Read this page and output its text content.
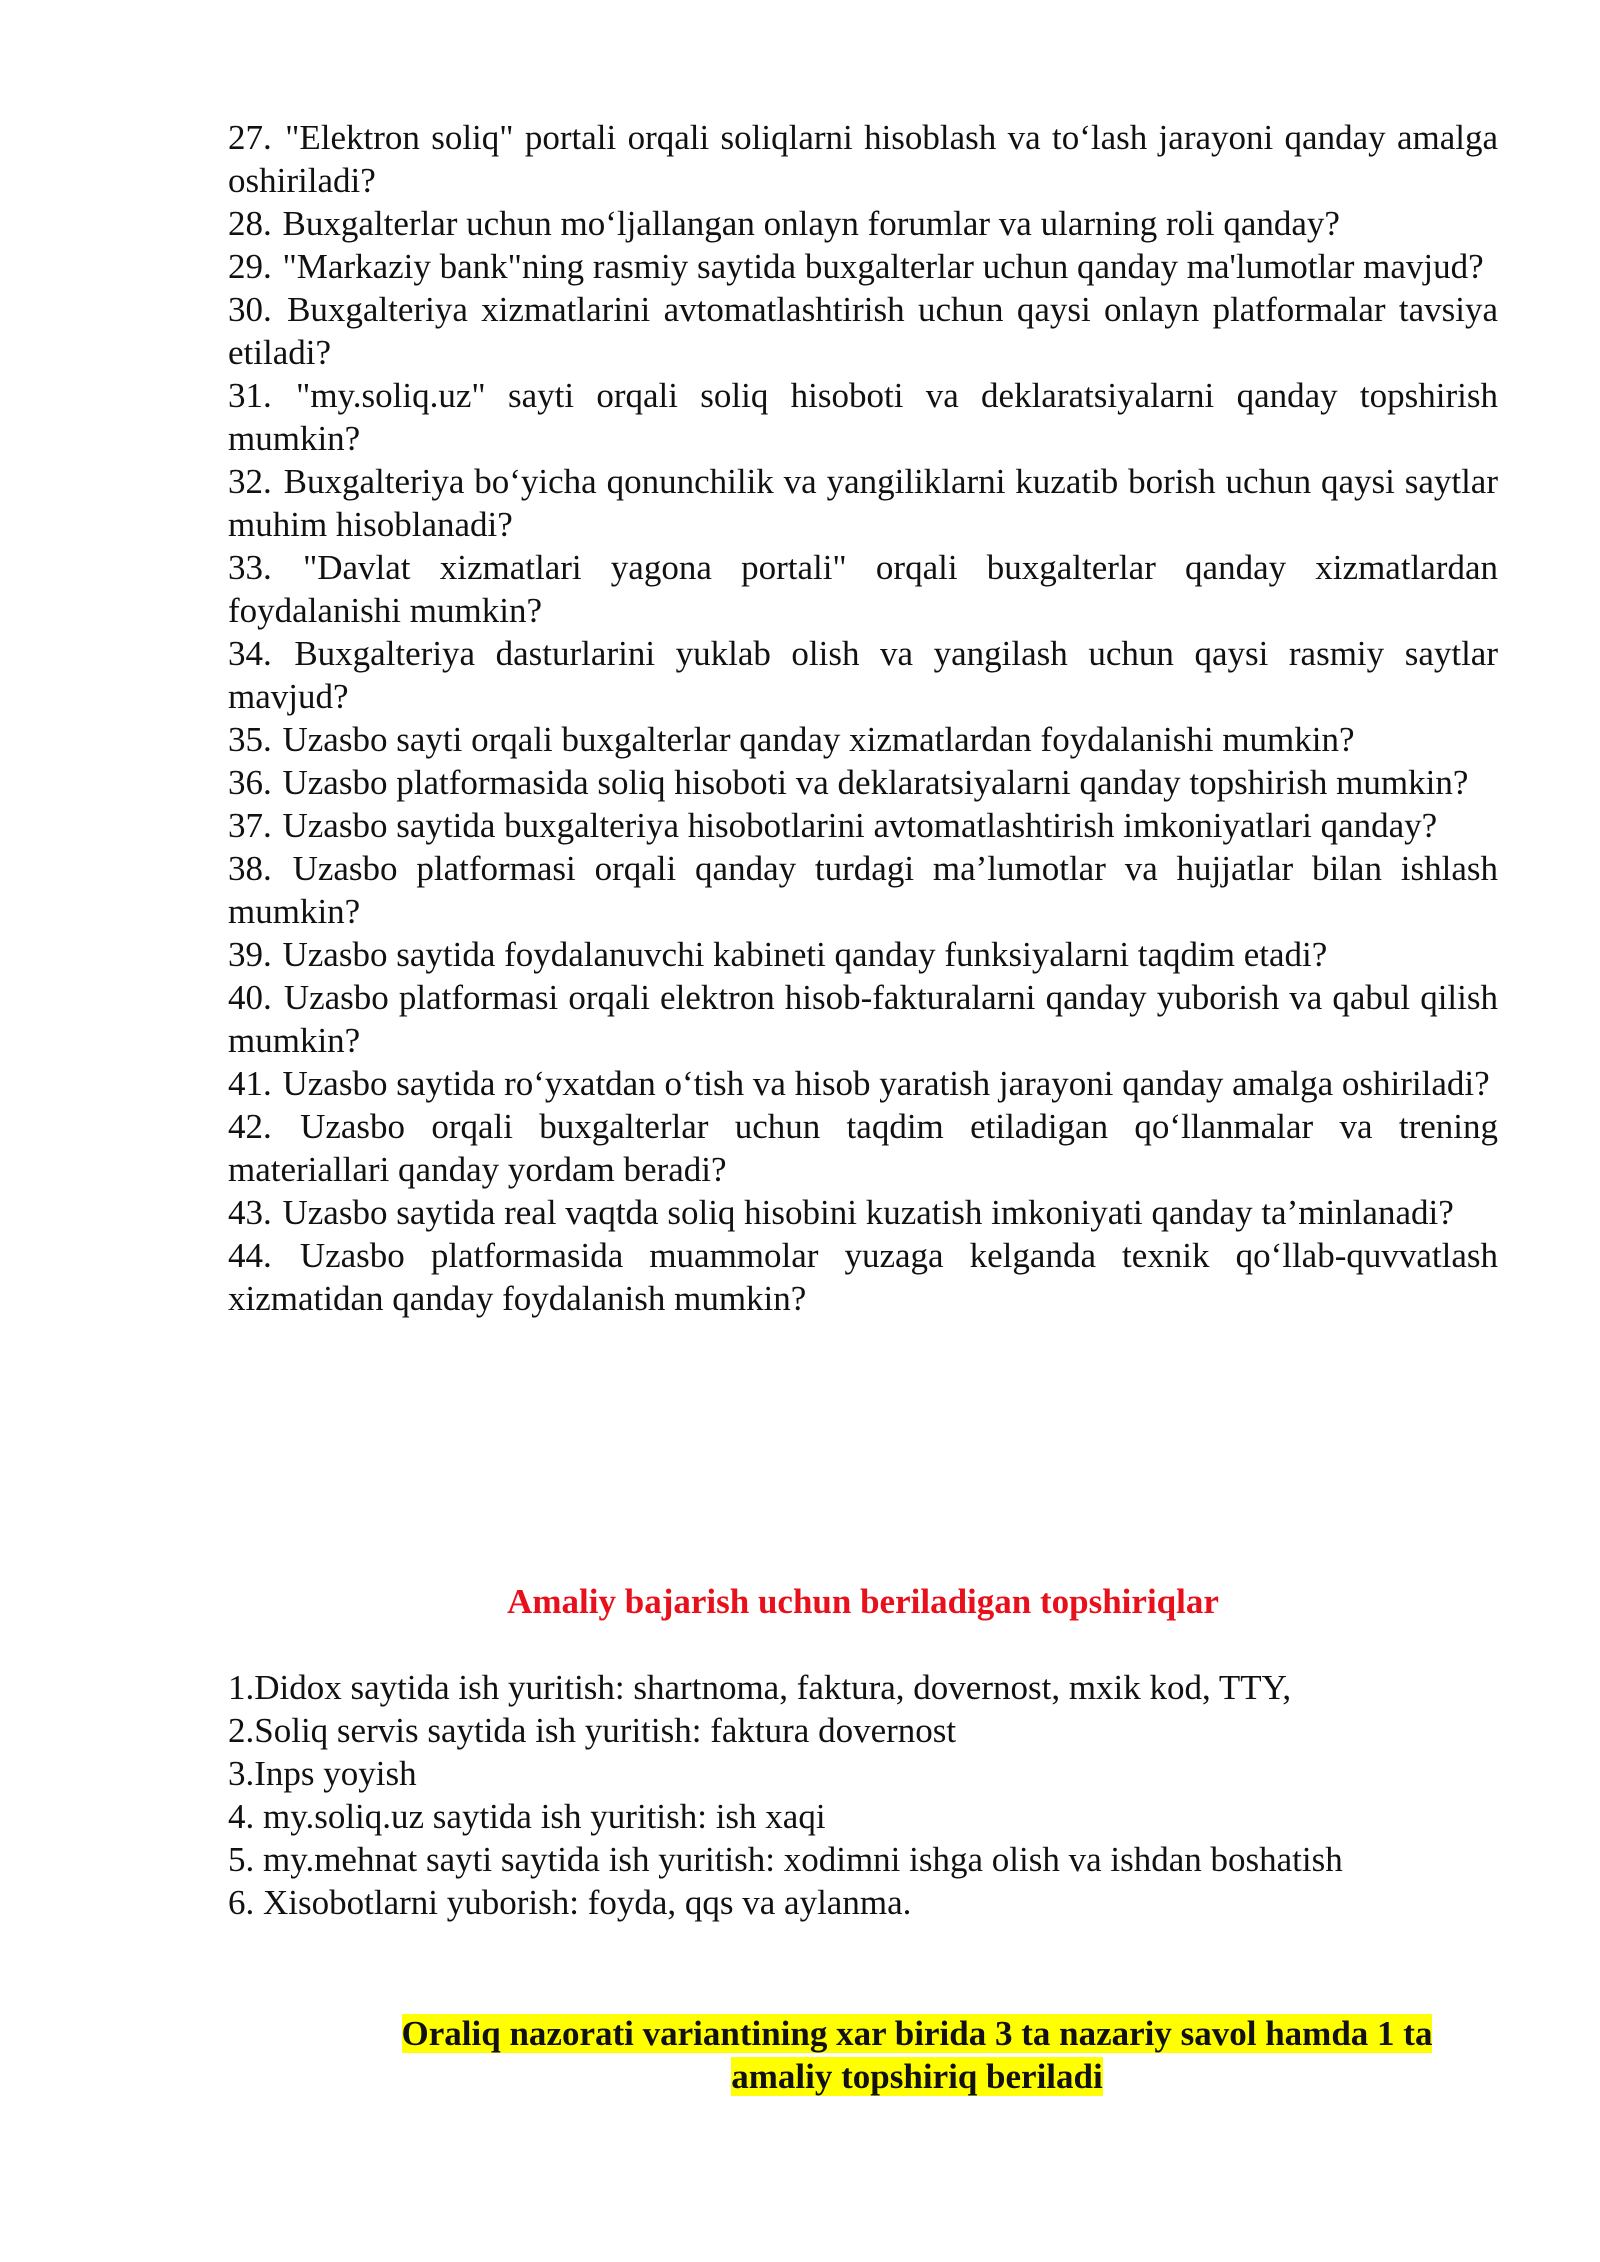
27. "Elektron soliq" portali orqali soliqlarni hisoblash va to‘lash jarayoni qanday amalga oshiriladi?

28. Buxgalterlar uchun mo‘ljallangan onlayn forumlar va ularning roli qanday?

29. "Markaziy bank"ning rasmiy saytida buxgalterlar uchun qanday ma'lumotlar mavjud?

30. Buxgalteriya xizmatlarini avtomatlashtirish uchun qaysi onlayn platformalar tavsiya etiladi?

31. "my.soliq.uz" sayti orqali soliq hisoboti va deklaratsiyalarni qanday topshirish mumkin?

32. Buxgalteriya bo‘yicha qonunchilik va yangiliklarni kuzatib borish uchun qaysi saytlar muhim hisoblanadi?

33. "Davlat xizmatlari yagona portali" orqali buxgalterlar qanday xizmatlardan foydalanishi mumkin?

34. Buxgalteriya dasturlarini yuklab olish va yangilash uchun qaysi rasmiy saytlar mavjud?

35. Uzasbo sayti orqali buxgalterlar qanday xizmatlardan foydalanishi mumkin?

36. Uzasbo platformasida soliq hisoboti va deklaratsiyalarni qanday topshirish mumkin?

37. Uzasbo saytida buxgalteriya hisobotlarini avtomatlashtirish imkoniyatlari qanday?

38. Uzasbo platformasi orqali qanday turdagi ma’lumotlar va hujjatlar bilan ishlash mumkin?

39. Uzasbo saytida foydalanuvchi kabineti qanday funksiyalarni taqdim etadi?

40. Uzasbo platformasi orqali elektron hisob-fakturalarni qanday yuborish va qabul qilish mumkin?

41. Uzasbo saytida ro‘yxatdan o‘tish va hisob yaratish jarayoni qanday amalga oshiriladi?

42. Uzasbo orqali buxgalterlar uchun taqdim etiladigan qo‘llanmalar va trening materiallari qanday yordam beradi?

43. Uzasbo saytida real vaqtda soliq hisobini kuzatish imkoniyati qanday ta’minlanadi?

44. Uzasbo platformasida muammolar yuzaga kelganda texnik qo‘llab-quvvatlash xizmatidan qanday foydalanish mumkin?

Amaliy bajarish uchun beriladigan topshiriqlar

1.Didox saytida ish yuritish: shartnoma, faktura, dovernost, mxik kod, TTY,

2.Soliq servis saytida ish yuritish: faktura dovernost

3.Inps yoyish

4. my.soliq.uz saytida ish yuritish: ish xaqi

5. my.mehnat sayti saytida ish yuritish: xodimni ishga olish va ishdan boshatish

6. Xisobotlarni yuborish: foyda, qqs va aylanma.

Oraliq nazorati variantining xar birida 3 ta nazariy savol hamda 1 ta
amaliy topshiriq beriladi
